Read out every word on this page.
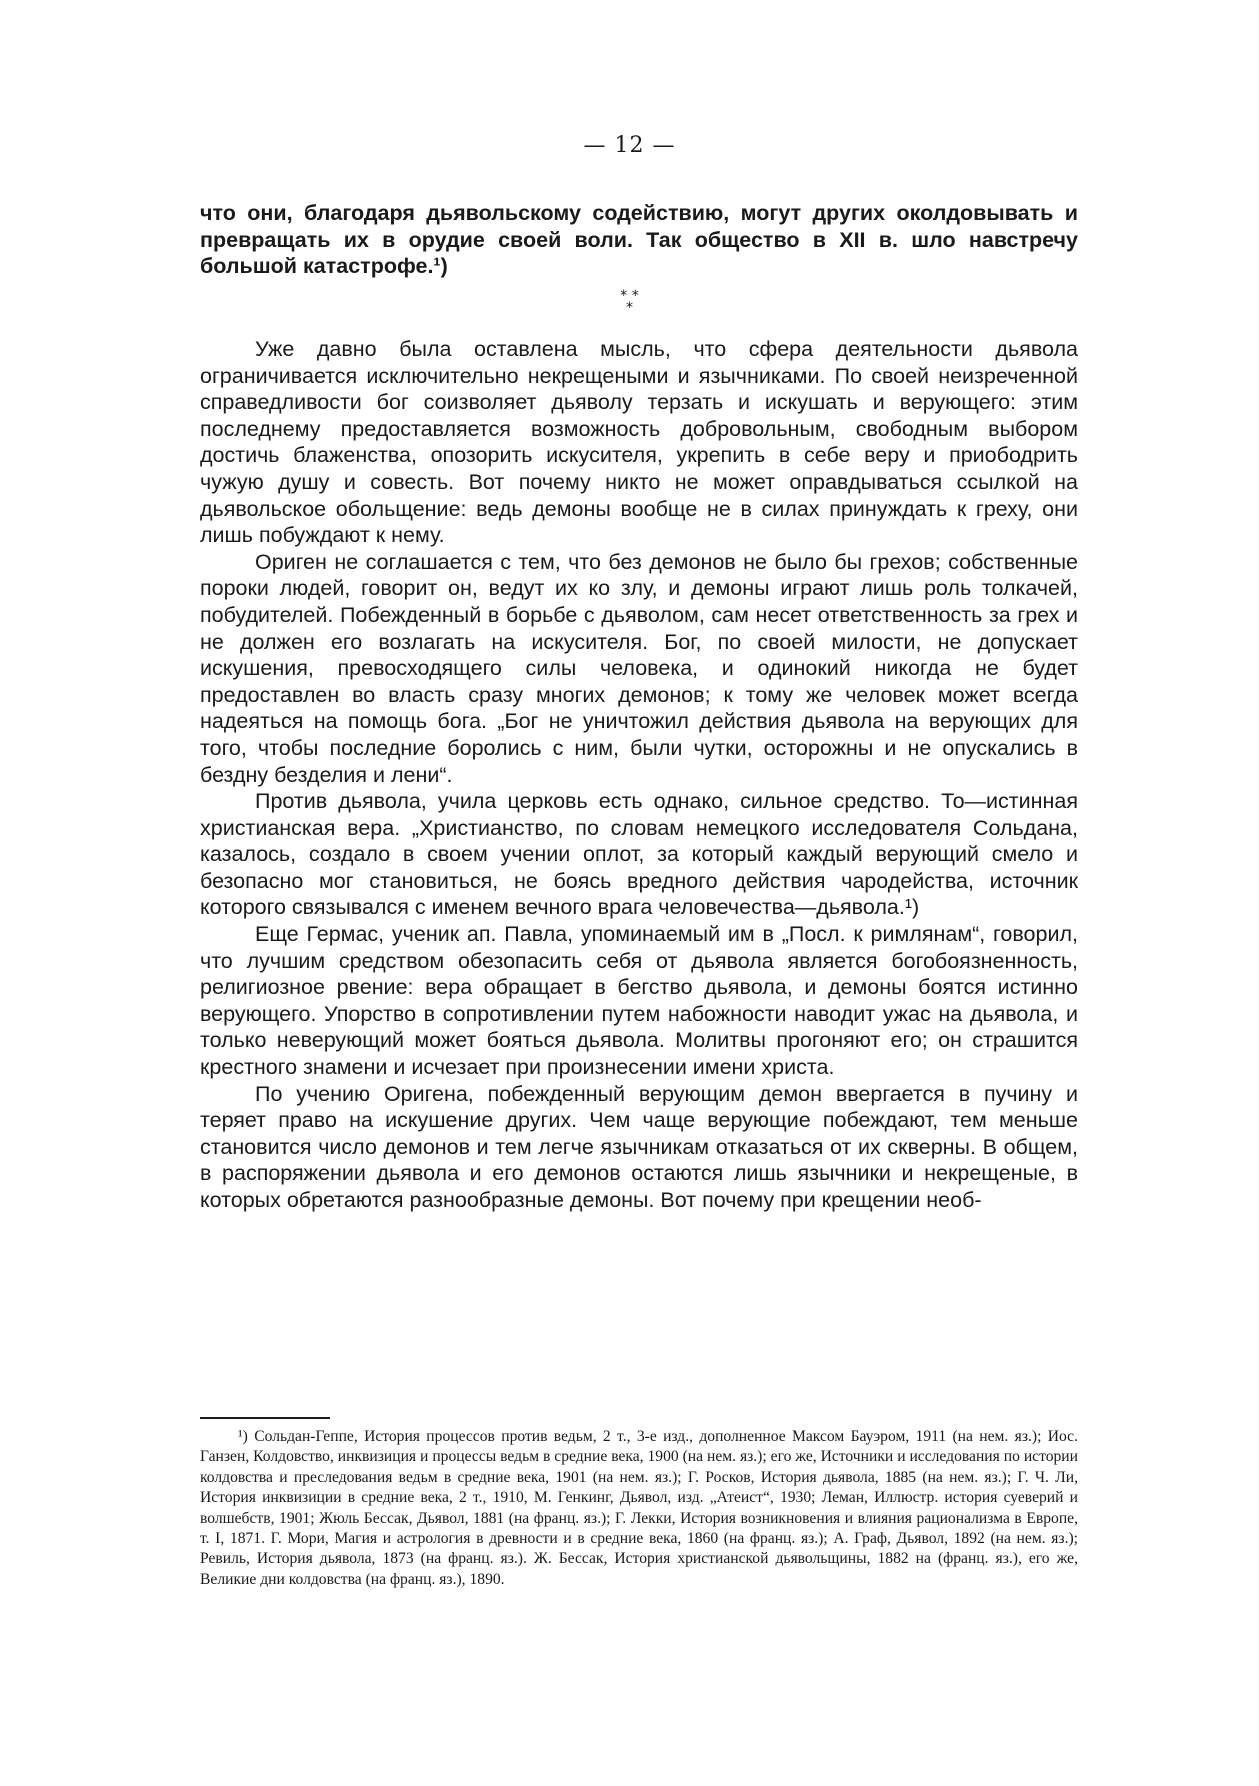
— 12 —

что они, благодаря дьявольскому содействию, могут других околдовывать и превращать их в орудие своей воли. Так общество в XII в. шло навстречу большой катастрофе.¹)

* *
*

Уже давно была оставлена мысль, что сфера деятельности дьявола ограничивается исключительно некрещеными и язычниками. По своей неизреченной справедливости бог соизволяет дьяволу терзать и искушать и верующего: этим последнему предоставляется возможность добровольным, свободным выбором достичь блаженства, опозорить искусителя, укрепить в себе веру и приободрить чужую душу и совесть. Вот почему никто не может оправдываться ссылкой на дьявольское обольщение: ведь демоны вообще не в силах принуждать к греху, они лишь побуждают к нему.

Ориген не соглашается с тем, что без демонов не было бы грехов; собственные пороки людей, говорит он, ведут их ко злу, и демоны играют лишь роль толкачей, побудителей. Побежденный в борьбе с дьяволом, сам несет ответственность за грех и не должен его возлагать на искусителя. Бог, по своей милости, не допускает искушения, превосходящего силы человека, и одинокий никогда не будет предоставлен во власть сразу многих демонов; к тому же человек может всегда надеяться на помощь бога. „Бог не уничтожил действия дьявола на верующих для того, чтобы последние боролись с ним, были чутки, осторожны и не опускались в бездну безделия и лени“.

Против дьявола, учила церковь есть однако, сильное средство. То—истинная христианская вера. „Христианство, по словам немецкого исследователя Сольдана, казалось, создало в своем учении оплот, за который каждый верующий смело и безопасно мог становиться, не боясь вредного действия чародейства, источник которого связывался с именем вечного врага человечества—дьявола.¹)

Еще Гермас, ученик ап. Павла, упоминаемый им в „Посл. к римлянам“, говорил, что лучшим средством обезопасить себя от дьявола является богобоязненность, религиозное рвение: вера обращает в бегство дьявола, и демоны боятся истинно верующего. Упорство в сопротивлении путем набожности наводит ужас на дьявола, и только неверующий может бояться дьявола. Молитвы прогоняют его; он страшится крестного знамени и исчезает при произнесении имени христа.

По учению Оригена, побежденный верующим демон ввергается в пучину и теряет право на искушение других. Чем чаще верующие побеждают, тем меньше становится число демонов и тем легче язычникам отказаться от их скверны. В общем, в распоряжении дьявола и его демонов остаются лишь язычники и некрещеные, в которых обретаются разнообразные демоны. Вот почему при крещении необ-

¹) Сольдан-Геппе, История процессов против ведьм, 2 т., 3-е изд., дополненное Максом Бауэром, 1911 (на нем. яз.); Иос. Ганзен, Колдовство, инквизиция и процессы ведьм в средние века, 1900 (на нем. яз.); его же, Источники и исследования по истории колдовства и преследования ведьм в средние века, 1901 (на нем. яз.); Г. Росков, История дьявола, 1885 (на нем. яз.); Г. Ч. Ли, История инквизиции в средние века, 2 т., 1910, М. Генкинг, Дьявол, изд. „Атеист“, 1930; Леман, Иллюстр. история суеверий и волшебств, 1901; Жюль Бессак, Дьявол, 1881 (на франц. яз.); Г. Лекки, История возникновения и влияния рационализма в Европе, т. I, 1871. Г. Мори, Магия и астрология в древности и в средние века, 1860 (на франц. яз.); А. Граф, Дьявол, 1892 (на нем. яз.); Ревиль, История дьявола, 1873 (на франц. яз.). Ж. Бессак, История христианской дьявольщины, 1882 на (франц. яз.), его же, Великие дни колдовства (на франц. яз.), 1890.
